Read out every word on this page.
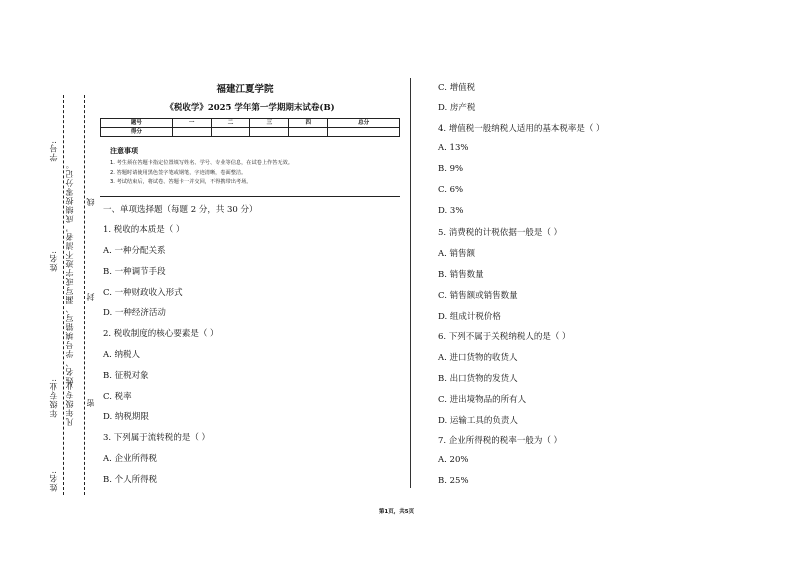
学号:
姓名:
年级专业:
姓名:
姓名、学号填错写、漏写或字迹不清者，成绩按零分记。
凡年级专业、
线
封
密
福建江夏学院
《税收学》2025 学年第一学期期末试卷(B)
题号	一	二	三	四	总分
得分					
注意事项
1. 考生须在答题卡指定位置填写姓名、学号、专业等信息，在试卷上作答无效。
2. 答题时请使用黑色签字笔或钢笔，字迹清晰，卷面整洁。
3. 考试结束后，将试卷、答题卡一并交回，不得携带出考场。
一、单项选择题（每题 2 分，共 30 分）
1. 税收的本质是（ ）
A. 一种分配关系
B. 一种调节手段
C. 一种财政收入形式
D. 一种经济活动
2. 税收制度的核心要素是（ ）
A. 纳税人
B. 征税对象
C. 税率
D. 纳税期限
3. 下列属于流转税的是（ ）
A. 企业所得税
B. 个人所得税
C. 增值税
D. 房产税
4. 增值税一般纳税人适用的基本税率是（ ）
A. 13%
B. 9%
C. 6%
D. 3%
5. 消费税的计税依据一般是（ ）
A. 销售额
B. 销售数量
C. 销售额或销售数量
D. 组成计税价格
6. 下列不属于关税纳税人的是（ ）
A. 进口货物的收货人
B. 出口货物的发货人
C. 进出境物品的所有人
D. 运输工具的负责人
7. 企业所得税的税率一般为（ ）
A. 20%
B. 25%
第1页，共5页
